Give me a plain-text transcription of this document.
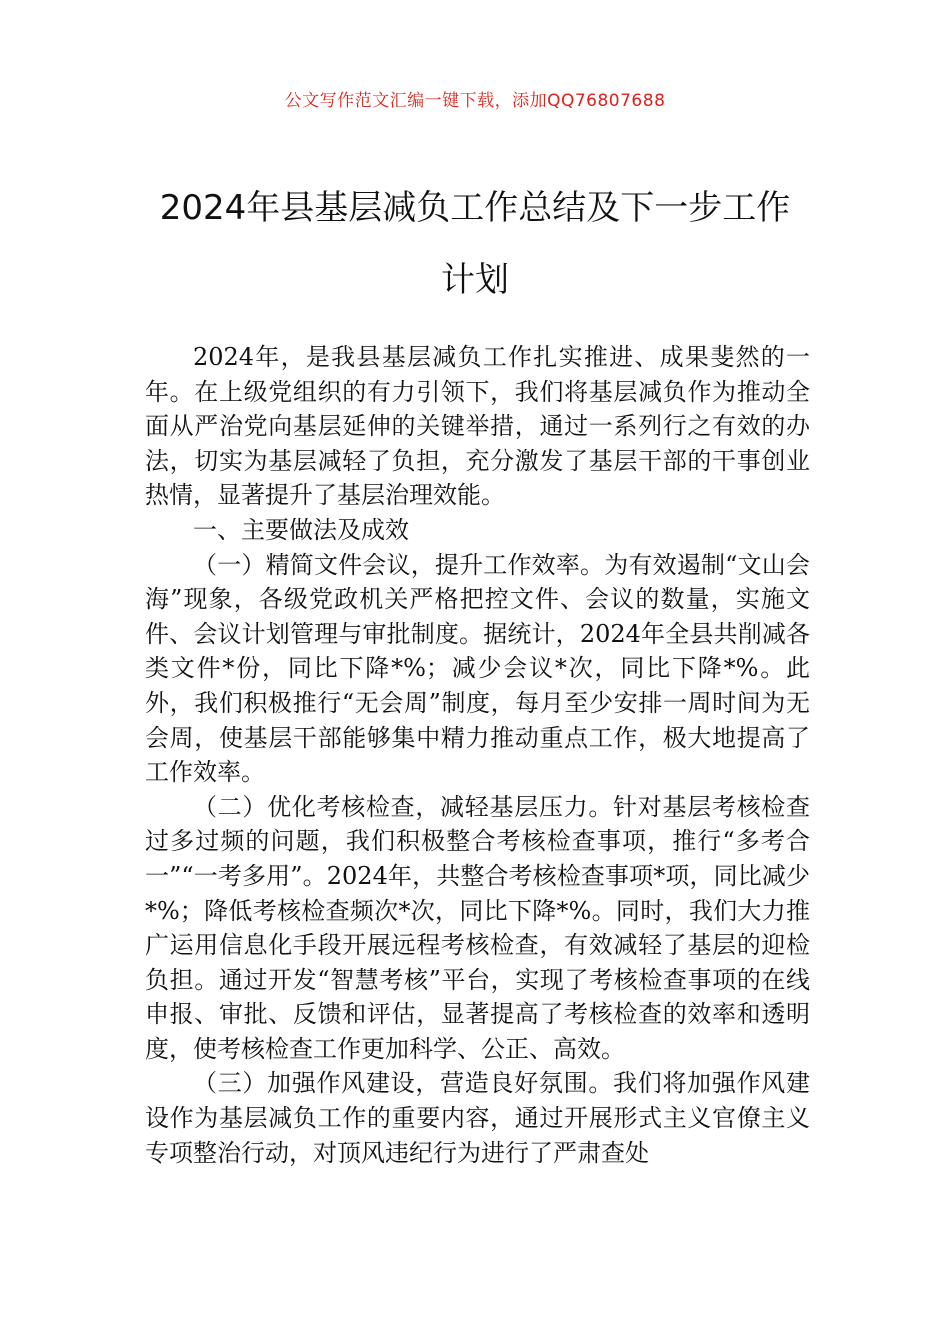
公文写作范文汇编一键下载，添加QQ76807688
2024年县基层减负工作总结及下一步工作
计划

2024年，是我县基层减负工作扎实推进、成果斐然的一年。在上级党组织的有力引领下，我们将基层减负作为推动全面从严治党向基层延伸的关键举措，通过一系列行之有效的办法，切实为基层减轻了负担，充分激发了基层干部的干事创业热情，显著提升了基层治理效能。

一、主要做法及成效

（一）精简文件会议，提升工作效率。为有效遏制“文山会海”现象，各级党政机关严格把控文件、会议的数量，实施文件、会议计划管理与审批制度。据统计，2024年全县共削减各类文件*份，同比下降*%；减少会议*次，同比下降*%。此外，我们积极推行“无会周”制度，每月至少安排一周时间为无会周，使基层干部能够集中精力推动重点工作，极大地提高了工作效率。

（二）优化考核检查，减轻基层压力。针对基层考核检查过多过频的问题，我们积极整合考核检查事项，推行“多考合一”“一考多用”。2024年，共整合考核检查事项*项，同比减少*%；降低考核检查频次*次，同比下降*%。同时，我们大力推广运用信息化手段开展远程考核检查，有效减轻了基层的迎检负担。通过开发“智慧考核”平台，实现了考核检查事项的在线申报、审批、反馈和评估，显著提高了考核检查的效率和透明度，使考核检查工作更加科学、公正、高效。

（三）加强作风建设，营造良好氛围。我们将加强作风建设作为基层减负工作的重要内容，通过开展形式主义官僚主义专项整治行动，对顶风违纪行为进行了严肃查处
